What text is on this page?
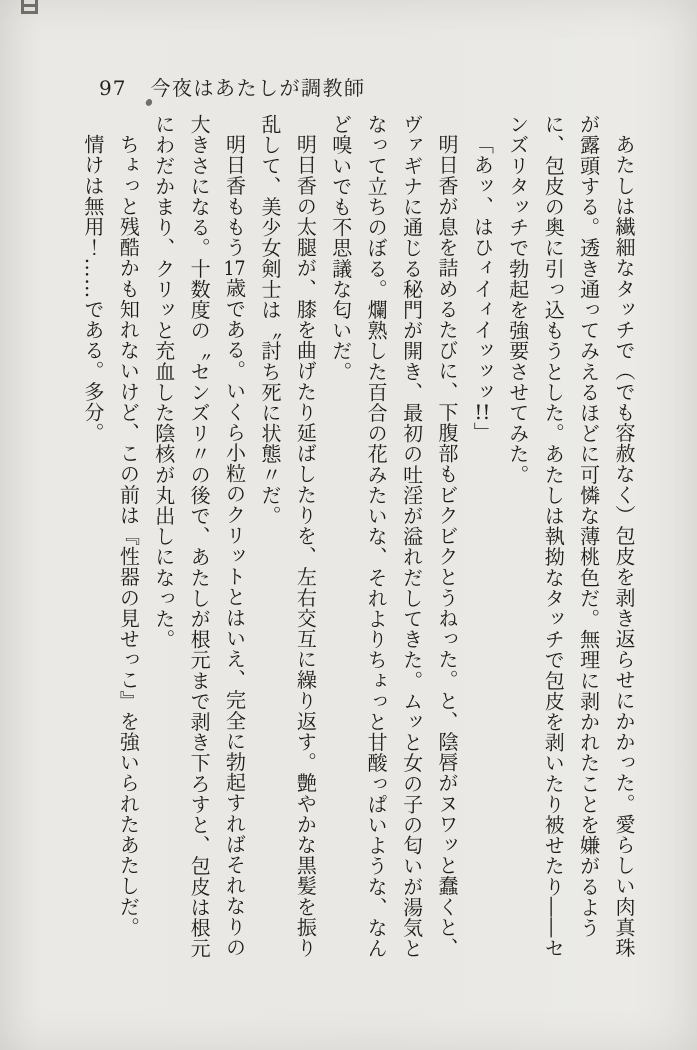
97 今夜はあたしが調教師

あたしは繊細なタッチで（でも容赦なく）包皮を剥き返らせにかかった。愛らしい肉真珠が露頭する。透き通ってみえるほどに可憐な薄桃色だ。無理に剥かれたことを嫌がるように、包皮の奥に引っ込もうとした。あたしは執拗なタッチで包皮を剥いたり被せたり――センズリタッチで勃起を強要させてみた。

「あッ、はひィイィイッッッ!!」

明日香が息を詰めるたびに、下腹部もビクビクとうねった。と、陰唇がヌワッと蠢くと、ヴァギナに通じる秘門が開き、最初の吐淫が溢れだしてきた。ムッと女の子の匂いが湯気となって立ちのぼる。爛熟した百合の花みたいな、それよりちょっと甘酸っぱいような、なんど嗅いでも不思議な匂いだ。

明日香の太腿が、膝を曲げたり延ばしたりを、左右交互に繰り返す。艶やかな黒髪を振り乱して、美少女剣士は〝討ち死に状態〃だ。

明日香ももう17歳である。いくら小粒のクリットとはいえ、完全に勃起すればそれなりの大きさになる。十数度の〝センズリ〃の後で、あたしが根元まで剥き下ろすと、包皮は根元にわだかまり、クリッと充血した陰核が丸出しになった。

ちょっと残酷かも知れないけど、この前は『性器の見せっこ』を強いられたあたしだ。

情けは無用！……である。多分。
